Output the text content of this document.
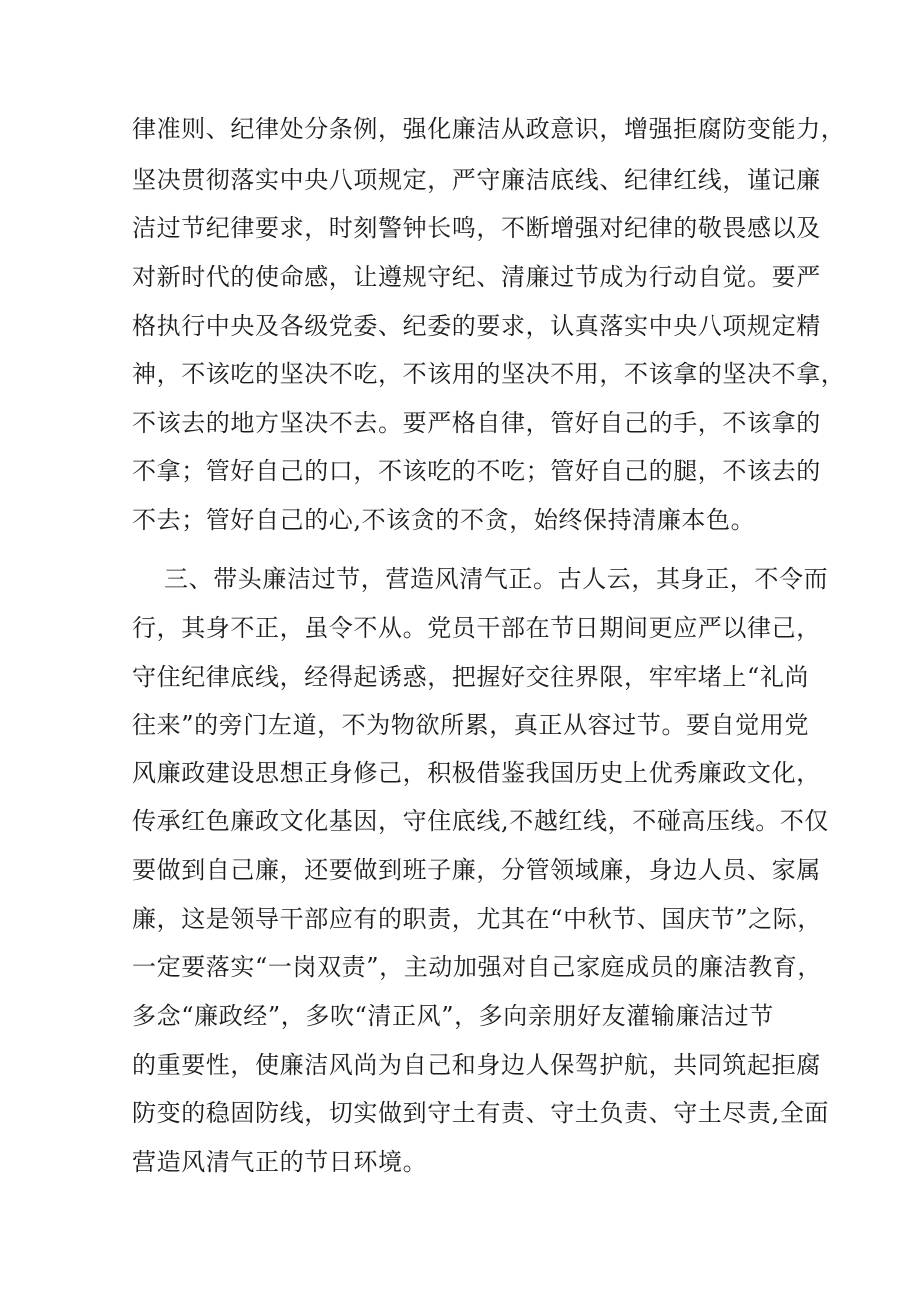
律准则、纪律处分条例，强化廉洁从政意识，增强拒腐防变能力，
坚决贯彻落实中央八项规定，严守廉洁底线、纪律红线，谨记廉
洁过节纪律要求，时刻警钟长鸣，不断增强对纪律的敬畏感以及
对新时代的使命感，让遵规守纪、清廉过节成为行动自觉。要严
格执行中央及各级党委、纪委的要求，认真落实中央八项规定精
神，不该吃的坚决不吃，不该用的坚决不用，不该拿的坚决不拿，
不该去的地方坚决不去。要严格自律，管好自己的手，不该拿的
不拿；管好自己的口，不该吃的不吃；管好自己的腿，不该去的
不去；管好自己的心,不该贪的不贪，始终保持清廉本色。
三、带头廉洁过节，营造风清气正。古人云，其身正，不令而
行，其身不正，虽令不从。党员干部在节日期间更应严以律己，
守住纪律底线，经得起诱惑，把握好交往界限，牢牢堵上“礼尚
往来”的旁门左道，不为物欲所累，真正从容过节。要自觉用党
风廉政建设思想正身修己，积极借鉴我国历史上优秀廉政文化，
传承红色廉政文化基因，守住底线,不越红线，不碰高压线。不仅
要做到自己廉，还要做到班子廉，分管领域廉，身边人员、家属
廉，这是领导干部应有的职责，尤其在“中秋节、国庆节”之际，
一定要落实“一岗双责”，主动加强对自己家庭成员的廉洁教育，
多念“廉政经”，多吹“清正风”，多向亲朋好友灌输廉洁过节
的重要性，使廉洁风尚为自己和身边人保驾护航，共同筑起拒腐
防变的稳固防线，切实做到守土有责、守土负责、守土尽责,全面
营造风清气正的节日环境。
